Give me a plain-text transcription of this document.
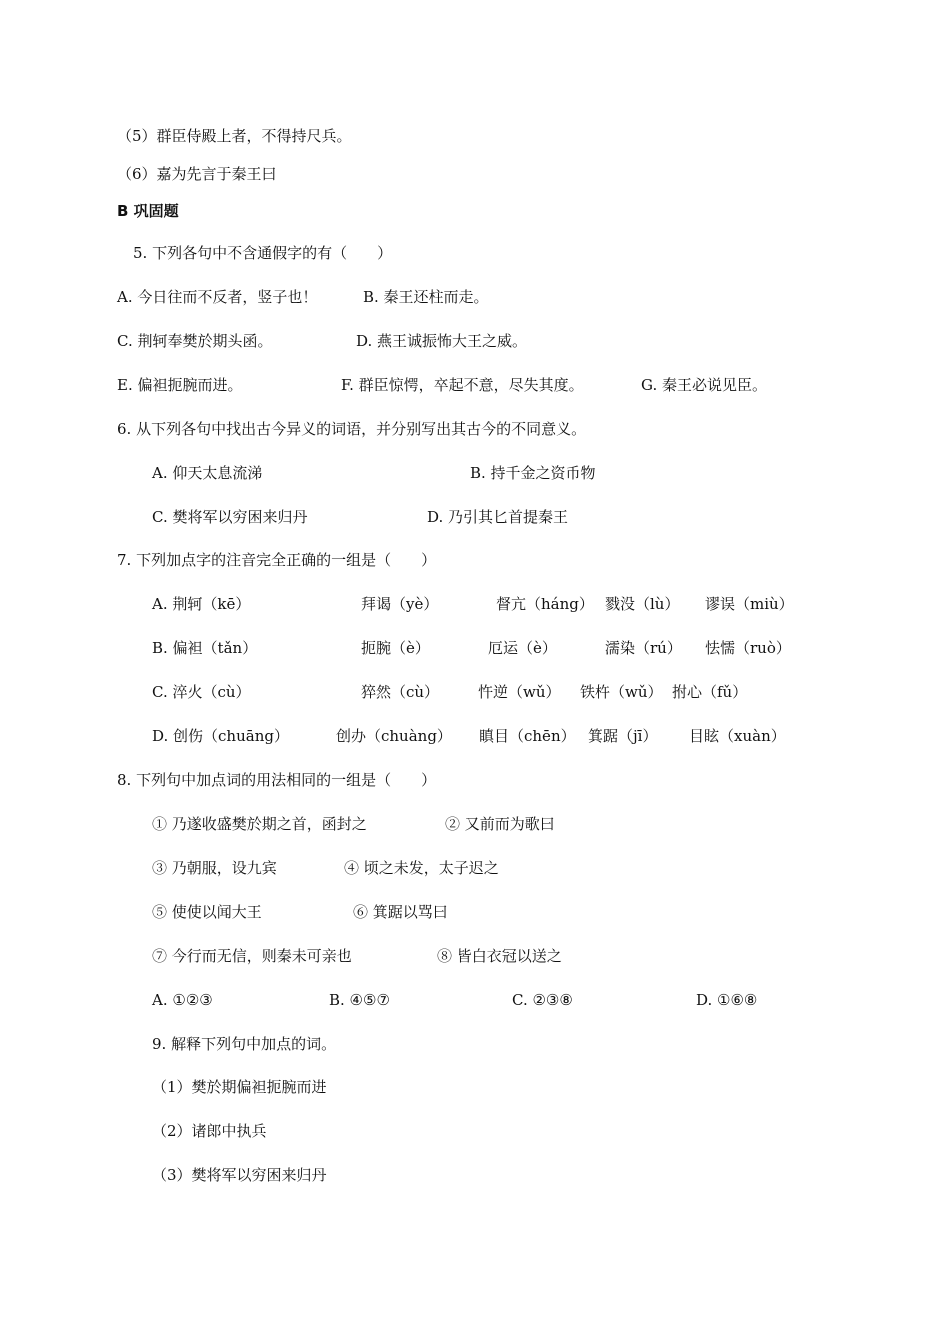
（5）群臣侍殿上者，不得持尺兵。
（6）嘉为先言于秦王曰
B 巩固题
5. 下列各句中不含通假字的有（　　）
A. 今日往而不反者，竖子也！	B. 秦王还柱而走。
C. 荆轲奉樊於期头函。	D. 燕王诚振怖大王之威。
E. 偏袒扼腕而进。	F. 群臣惊愕，卒起不意，尽失其度。	G. 秦王必说见臣。
6. 从下列各句中找出古今异义的词语，并分别写出其古今的不同意义。
A. 仰天太息流涕	B. 持千金之资币物
C. 樊将军以穷困来归丹	D. 乃引其匕首提秦王
7. 下列加点字的注音完全正确的一组是（　　）
A. 荆轲（kē）	拜谒（yè）	督亢（háng） 戮没（lù） 谬误（miù）
B. 偏袒（tǎn）	扼腕（è）	厄运（è）	濡染（rú） 怯懦（ruò）
C. 淬火（cù）	猝然（cù）	忤逆（wǔ） 铁杵（wǔ） 拊心（fǔ）
D. 创伤（chuāng）	创办（chuàng） 瞋目（chēn） 箕踞（jī） 目眩（xuàn）
8. 下列句中加点词的用法相同的一组是（　　）
① 乃遂收盛樊於期之首，函封之	② 又前而为歌曰
③ 乃朝服，设九宾	④ 顷之未发，太子迟之
⑤ 使使以闻大王	⑥ 箕踞以骂曰
⑦ 今行而无信，则秦未可亲也	⑧ 皆白衣冠以送之
A. ①②③	B. ④⑤⑦	C. ②③⑧	D. ①⑥⑧
9. 解释下列句中加点的词。
（1）樊於期偏袒扼腕而进
（2）诸郎中执兵
（3）樊将军以穷困来归丹
